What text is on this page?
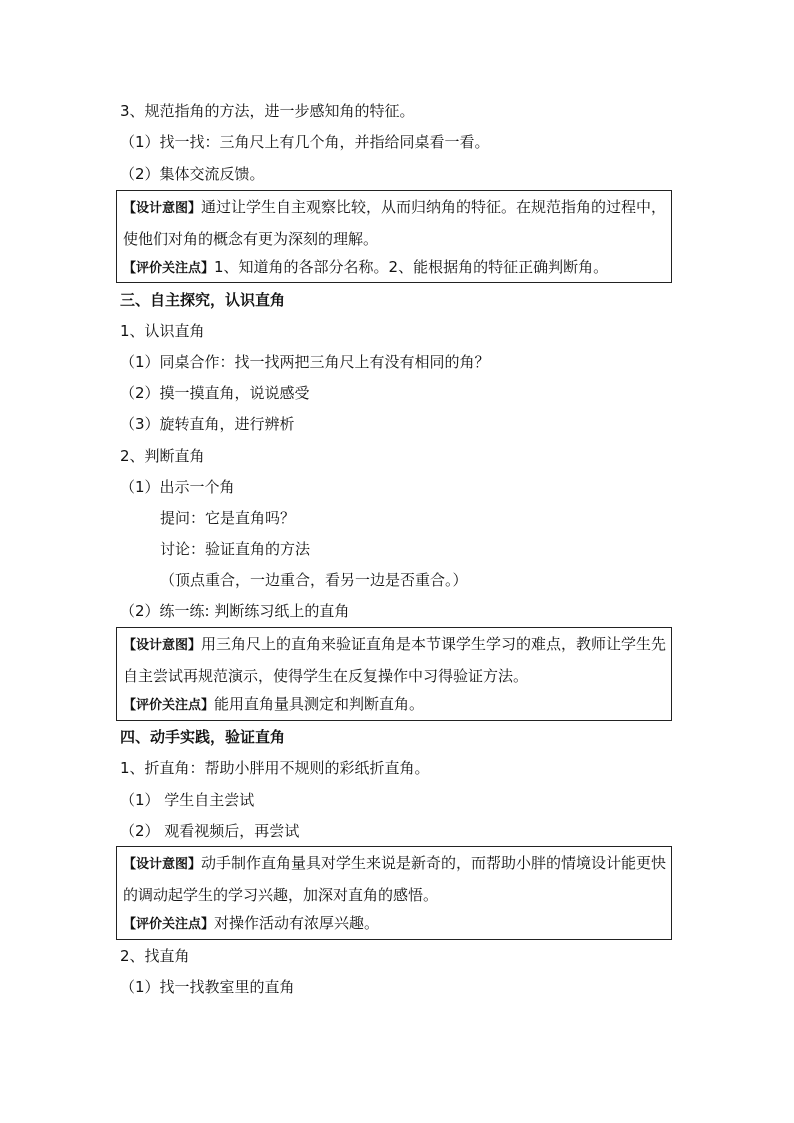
3、规范指角的方法，进一步感知角的特征。
（1）找一找：三角尺上有几个角，并指给同桌看一看。
（2）集体交流反馈。
【设计意图】通过让学生自主观察比较，从而归纳角的特征。在规范指角的过程中，使他们对角的概念有更为深刻的理解。
【评价关注点】1、知道角的各部分名称。2、能根据角的特征正确判断角。
三、自主探究，认识直角
1、认识直角
（1）同桌合作：找一找两把三角尺上有没有相同的角？
（2）摸一摸直角，说说感受
（3）旋转直角，进行辨析
2、判断直角
（1）出示一个角
提问：它是直角吗？
讨论：验证直角的方法
（顶点重合，一边重合，看另一边是否重合。）
（2）练一练: 判断练习纸上的直角
【设计意图】用三角尺上的直角来验证直角是本节课学生学习的难点，教师让学生先自主尝试再规范演示，使得学生在反复操作中习得验证方法。
【评价关注点】能用直角量具测定和判断直角。
四、动手实践，验证直角
1、折直角：帮助小胖用不规则的彩纸折直角。
（1） 学生自主尝试
（2） 观看视频后，再尝试
【设计意图】动手制作直角量具对学生来说是新奇的，而帮助小胖的情境设计能更快的调动起学生的学习兴趣，加深对直角的感悟。
【评价关注点】对操作活动有浓厚兴趣。
2、找直角
（1）找一找教室里的直角
